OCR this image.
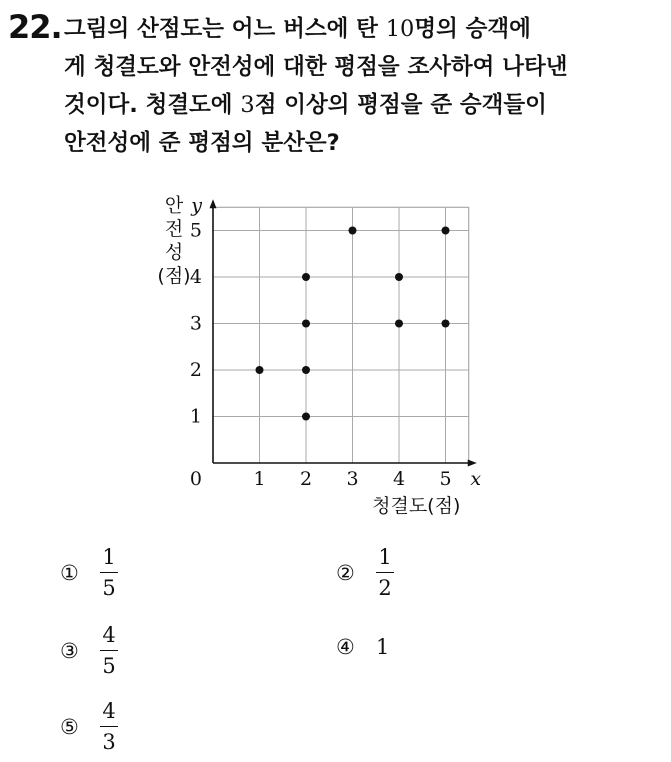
22. 그림의 산점도는 어느 버스에 탄 10명의 승객에
게 청결도와 안전성에 대한 평점을 조사하여 나타낸
것이다. 청결도에 3점 이상의 평점을 준 승객들이
안전성에 준 평점의 분산은?
1 2 3 4 5
1
2
3
4
5
0	x
y
청결도(점)
안
전
성
(점)
①	$\frac{1}{5}$	②	$\frac{1}{2}$
③	$\frac{4}{5}$	④	1
⑤	$\frac{4}{3}$
